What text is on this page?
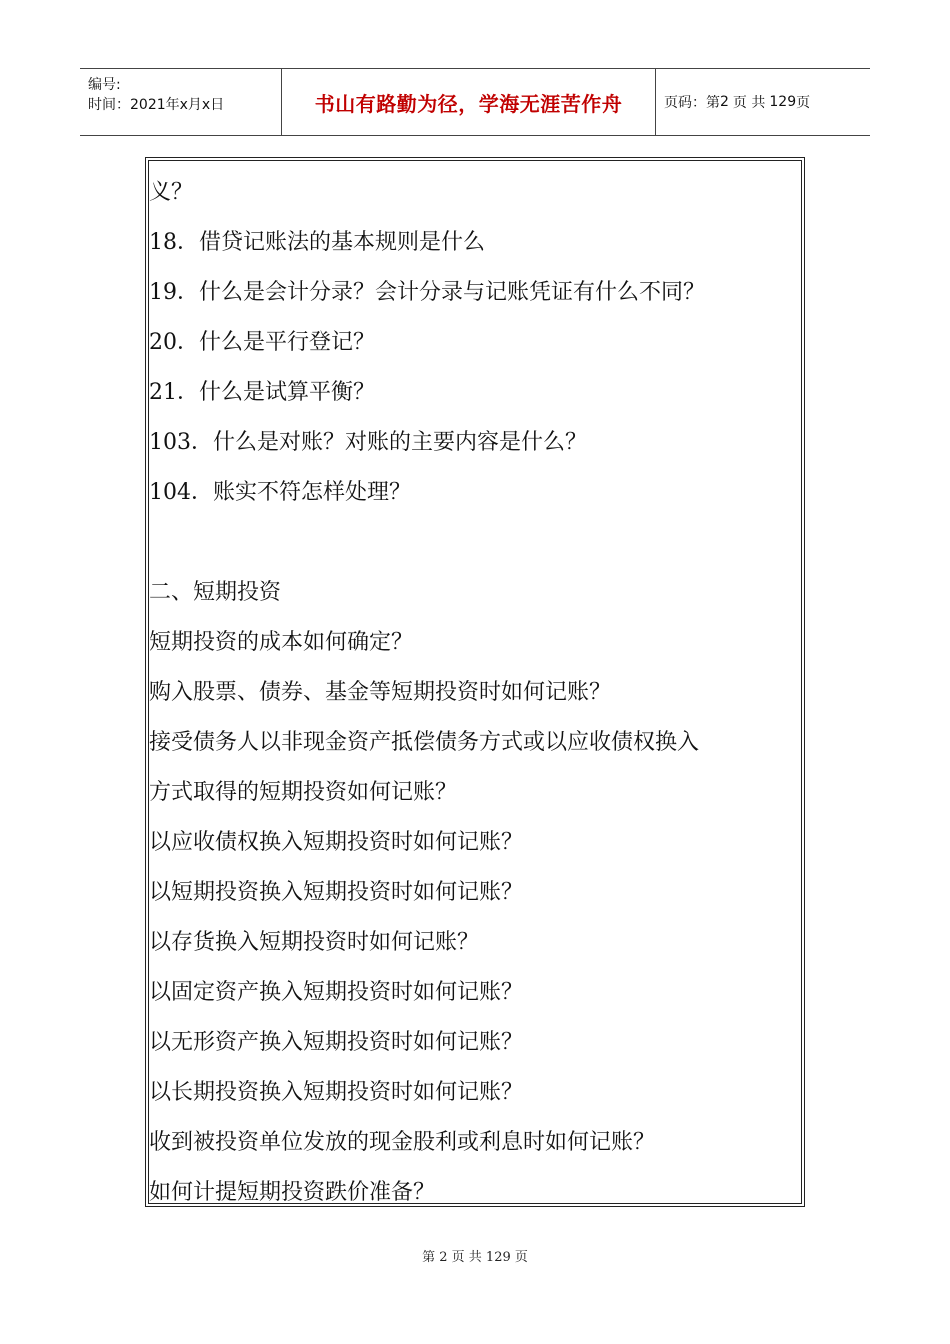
编号:
时间：2021年x月x日	书山有路勤为径，学海无涯苦作舟	页码：第 2 页 共 129 页
义？
18．借贷记账法的基本规则是什么
19．什么是会计分录？会计分录与记账凭证有什么不同？
20．什么是平行登记？
21．什么是试算平衡？
103．什么是对账？对账的主要内容是什么？
104．账实不符怎样处理？
二、短期投资
短期投资的成本如何确定？
购入股票、债券、基金等短期投资时如何记账？
接受债务人以非现金资产抵偿债务方式或以应收债权换入
方式取得的短期投资如何记账？
以应收债权换入短期投资时如何记账？
以短期投资换入短期投资时如何记账？
以存货换入短期投资时如何记账？
以固定资产换入短期投资时如何记账？
以无形资产换入短期投资时如何记账？
以长期投资换入短期投资时如何记账？
收到被投资单位发放的现金股利或利息时如何记账？
如何计提短期投资跌价准备？
第 2 页 共 129 页
